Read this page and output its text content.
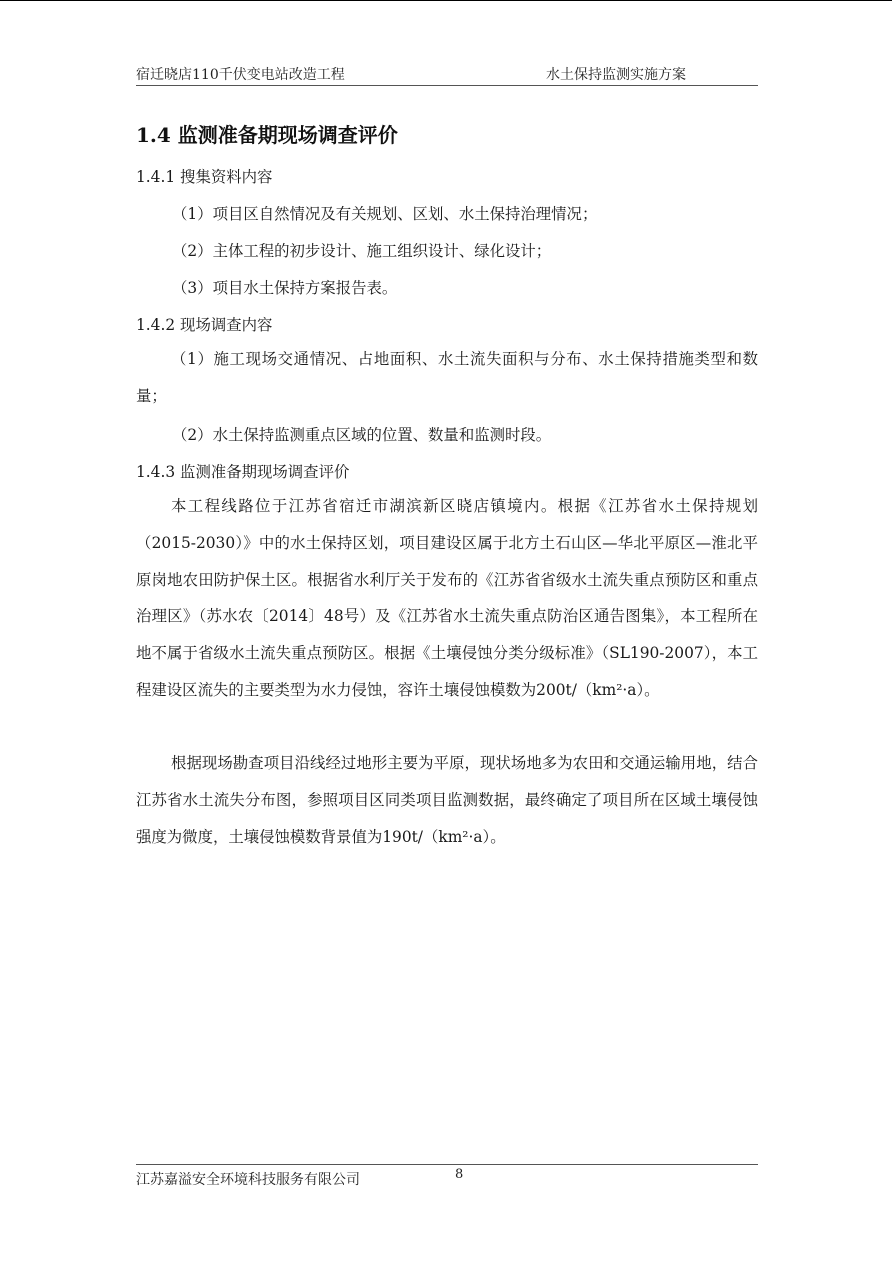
宿迁晓店110千伏变电站改造工程	水土保持监测实施方案
1.4 监测准备期现场调查评价
1.4.1 搜集资料内容
（1）项目区自然情况及有关规划、区划、水土保持治理情况；
（2）主体工程的初步设计、施工组织设计、绿化设计；
（3）项目水土保持方案报告表。
1.4.2 现场调查内容
（1）施工现场交通情况、占地面积、水土流失面积与分布、水土保持措施类型和数量；
（2）水土保持监测重点区域的位置、数量和监测时段。
1.4.3 监测准备期现场调查评价
本工程线路位于江苏省宿迁市湖滨新区晓店镇境内。根据《江苏省水土保持规划（2015-2030）》中的水土保持区划，项目建设区属于北方土石山区—华北平原区—淮北平原岗地农田防护保土区。根据省水利厅关于发布的《江苏省省级水土流失重点预防区和重点治理区》（苏水农〔2014〕48号）及《江苏省水土流失重点防治区通告图集》，本工程所在地不属于省级水土流失重点预防区。根据《土壤侵蚀分类分级标准》（SL190-2007），本工程建设区流失的主要类型为水力侵蚀，容许土壤侵蚀模数为200t/（km²·a）。
根据现场勘查项目沿线经过地形主要为平原，现状场地多为农田和交通运输用地，结合江苏省水土流失分布图，参照项目区同类项目监测数据，最终确定了项目所在区域土壤侵蚀强度为微度，土壤侵蚀模数背景值为190t/（km²·a）。
江苏嘉溢安全环境科技服务有限公司	8
